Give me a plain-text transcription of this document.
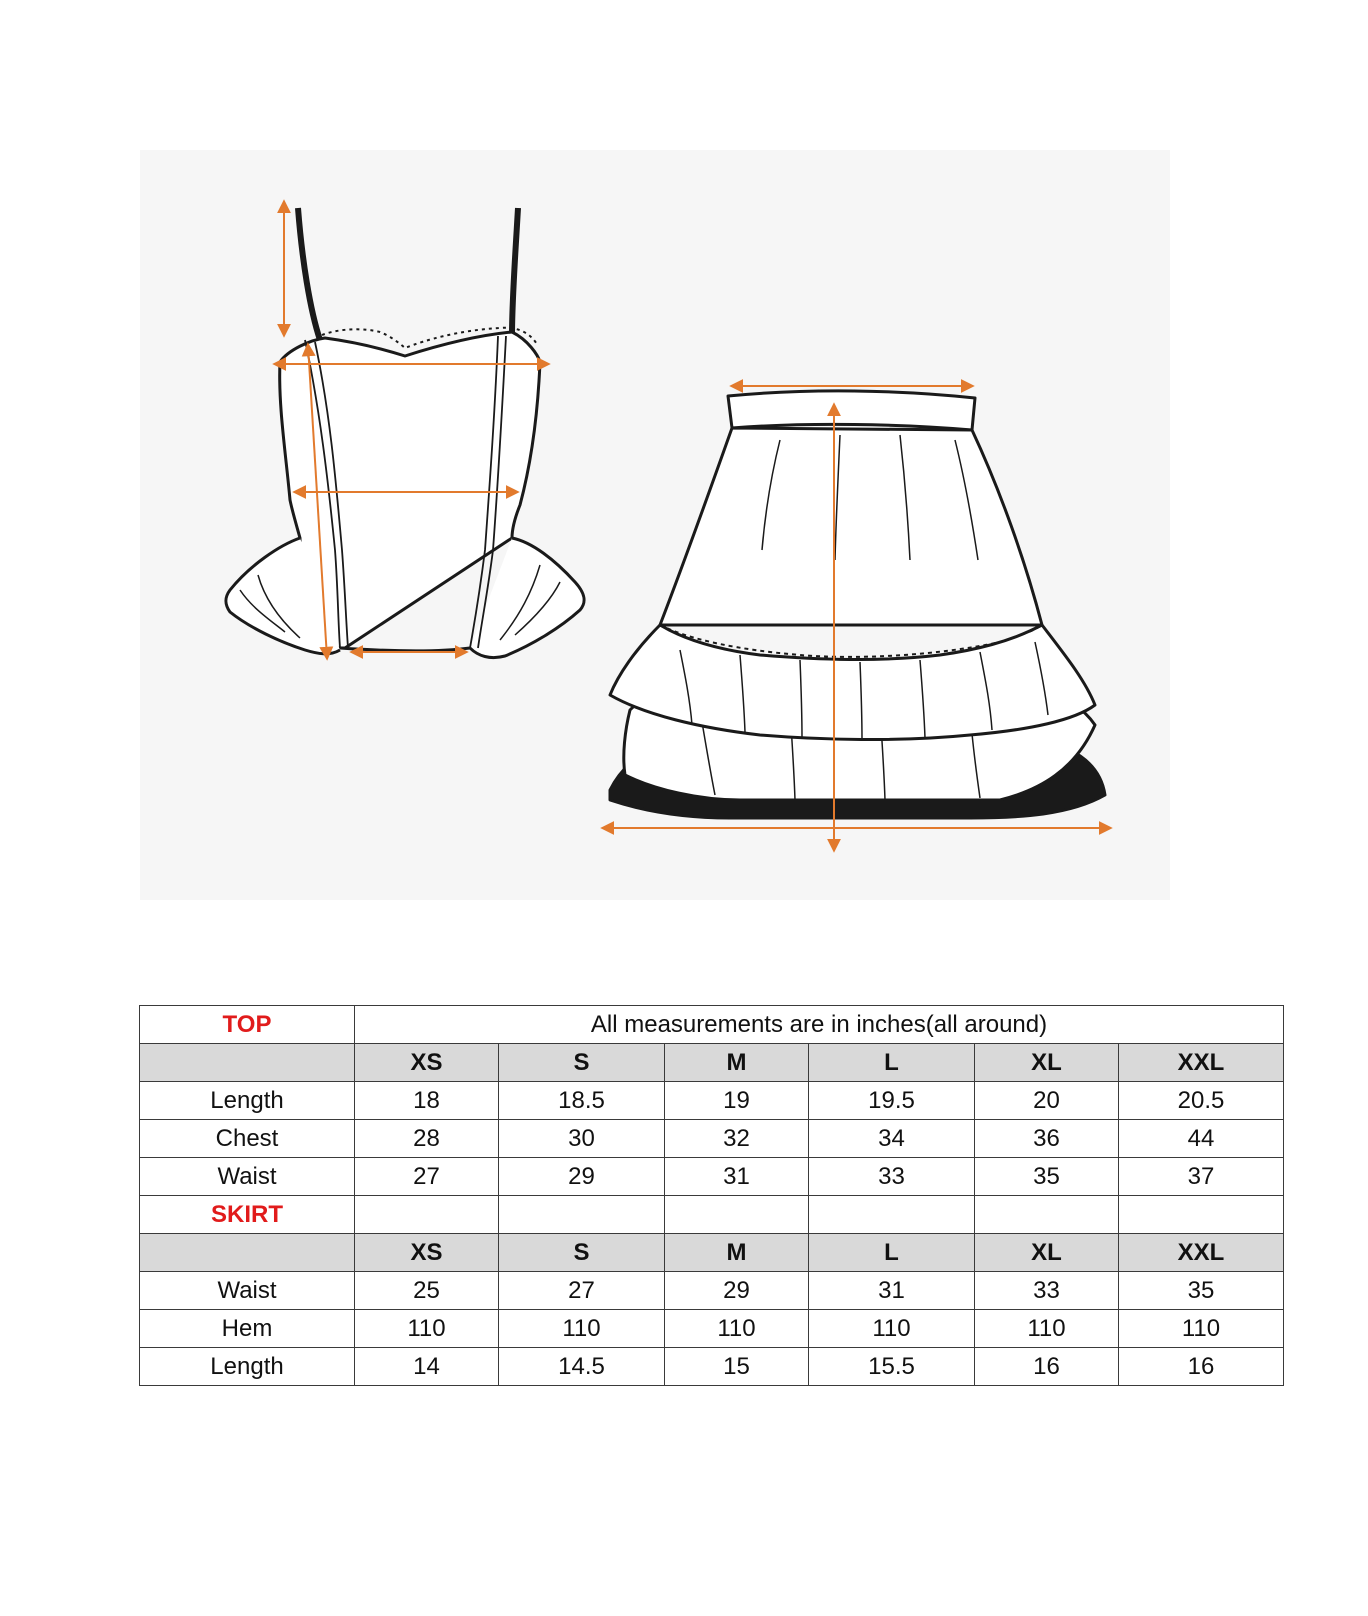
TOP	All measurements are in inches(all around)					
	XS	S	M	L	XL	XXL
Length	18	18.5	19	19.5	20	20.5
Chest	28	30	32	34	36	44
Waist	27	29	31	33	35	37
SKIRT						
	XS	S	M	L	XL	XXL
Waist	25	27	29	31	33	35
Hem	110	110	110	110	110	110
Length	14	14.5	15	15.5	16	16
